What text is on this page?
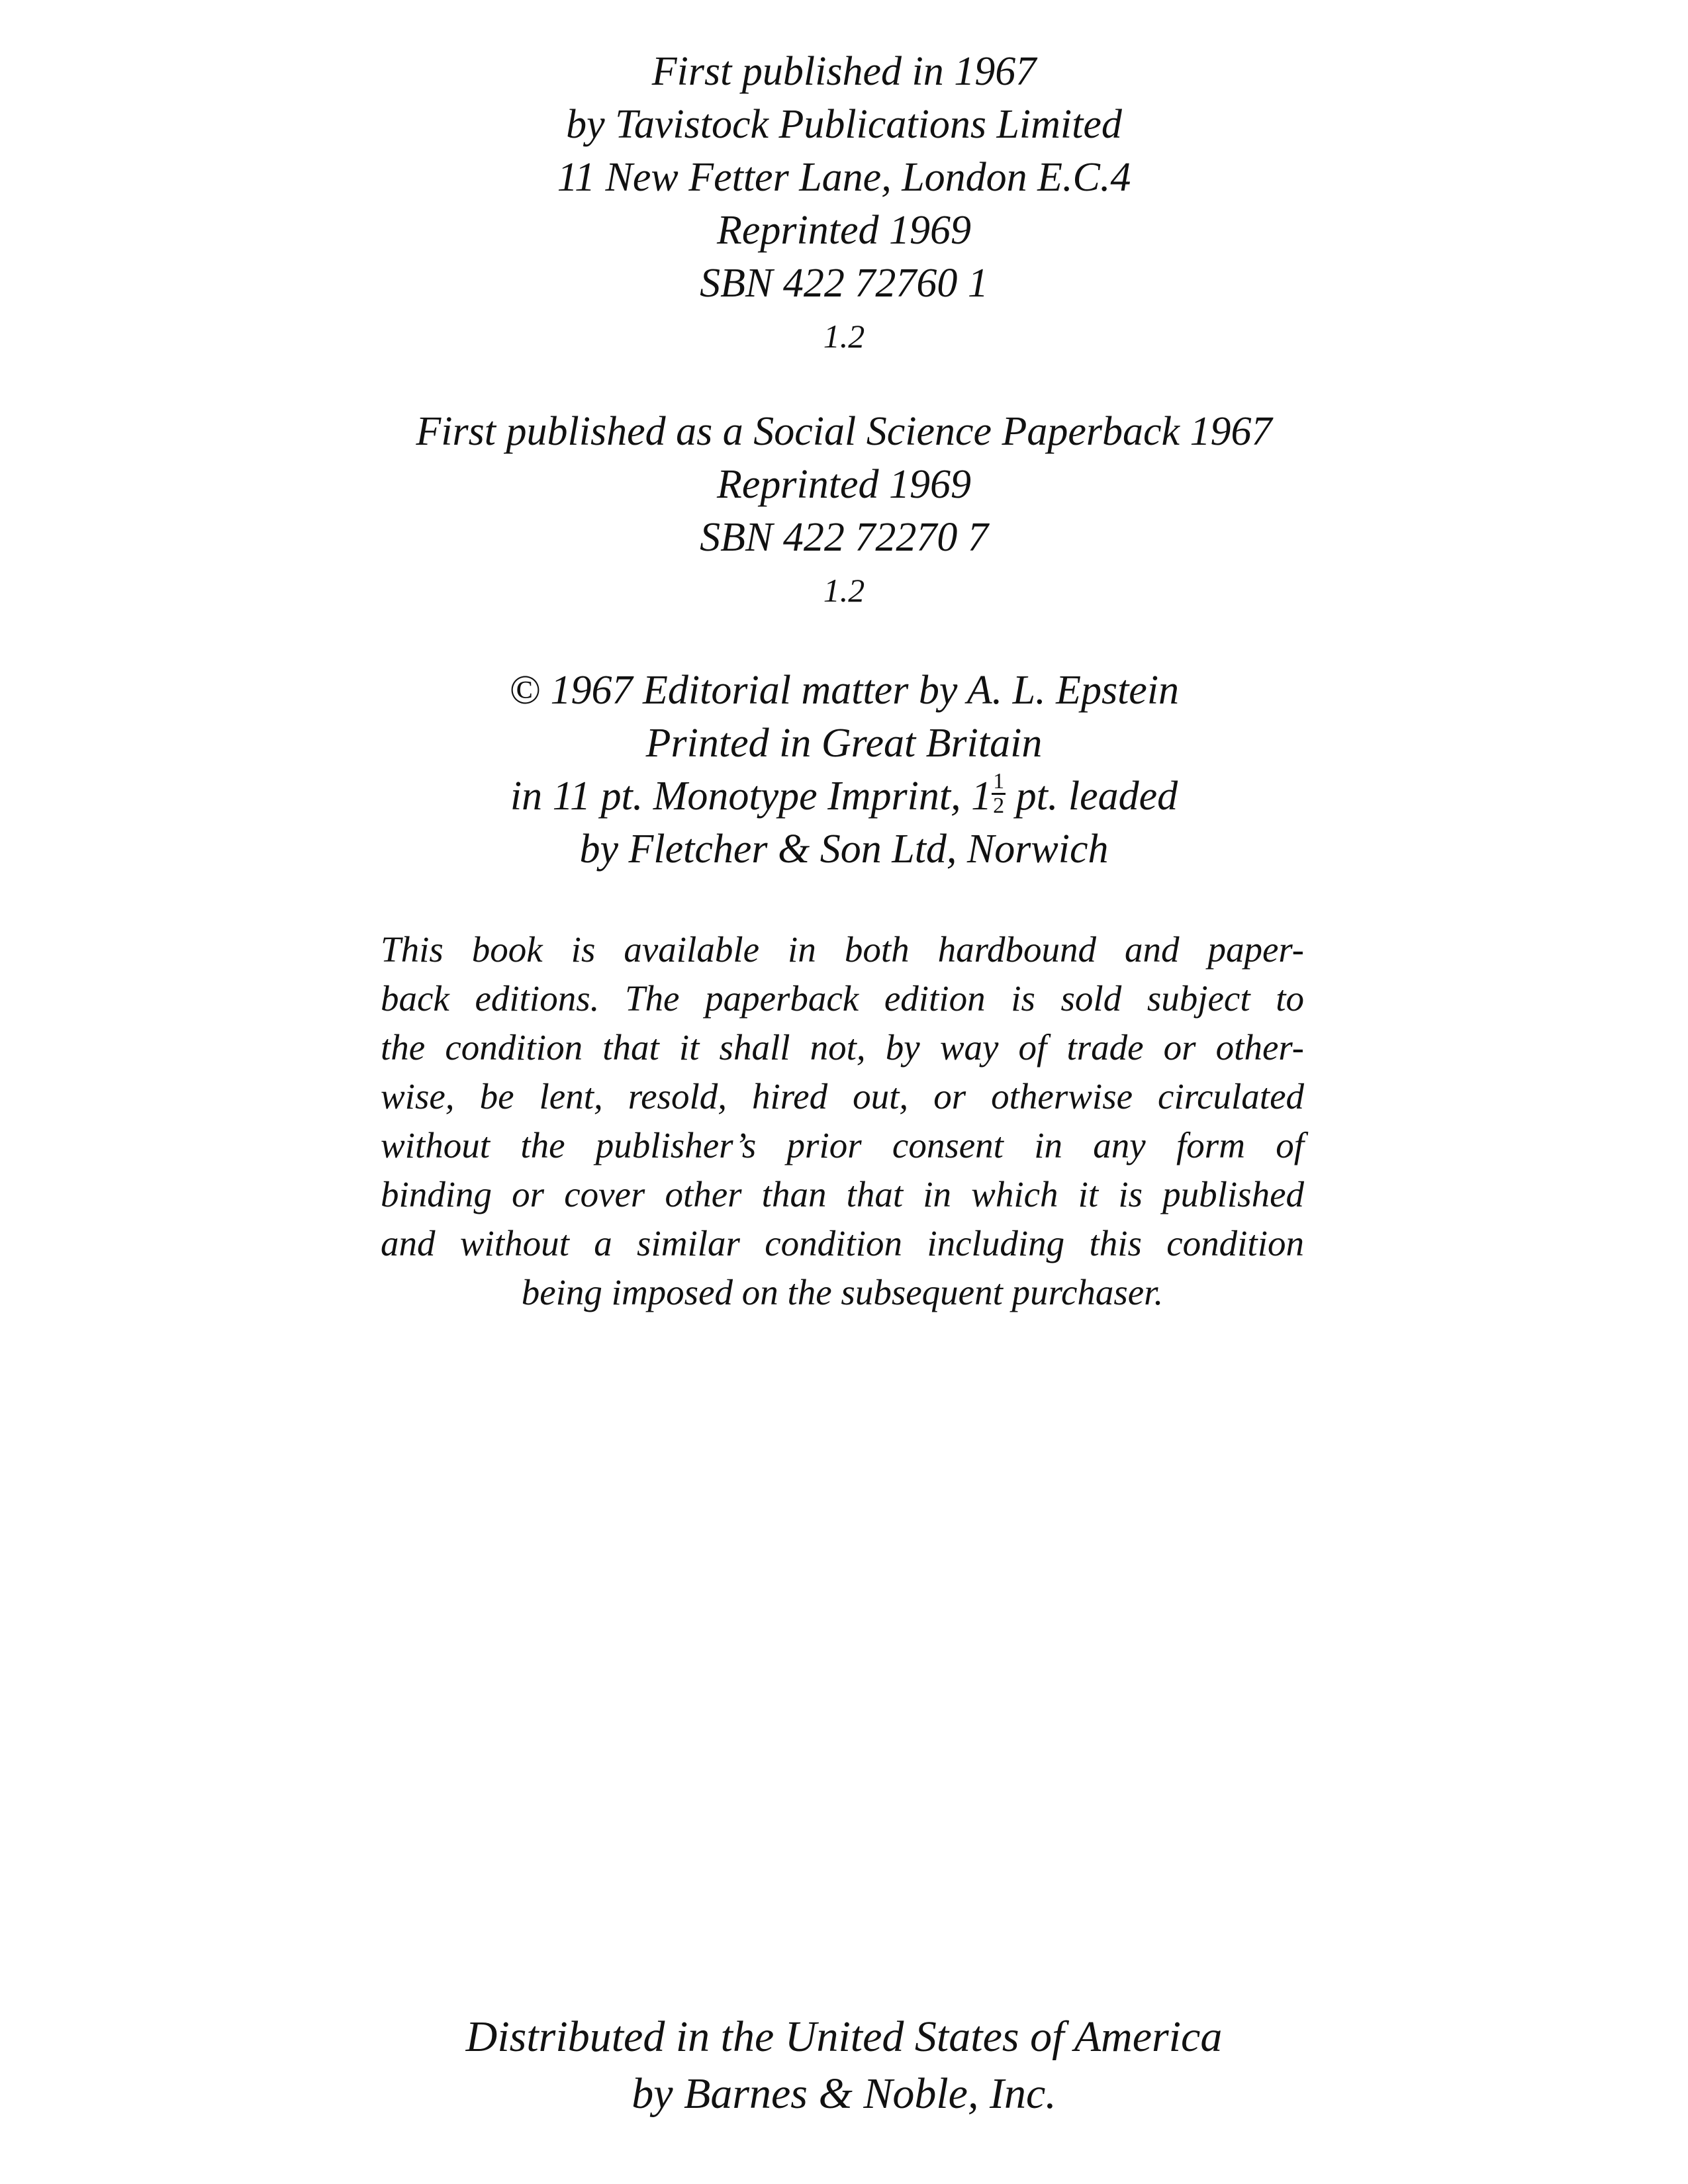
First published in 1967
by Tavistock Publications Limited
11 New Fetter Lane, London E.C.4
Reprinted 1969
SBN 422 72760 1
1.2
First published as a Social Science Paperback 1967
Reprinted 1969
SBN 422 72270 7
1.2
© 1967 Editorial matter by A. L. Epstein
Printed in Great Britain
in 11 pt. Monotype Imprint, $1 \frac{1}{2}$ pt. leaded
by Fletcher & Son Ltd, Norwich
This book is available in both hardbound and paper-
back editions. The paperback edition is sold subject to
the condition that it shall not, by way of trade or other-
wise, be lent, resold, hired out, or otherwise circulated
without the publisher’s prior consent in any form of
binding or cover other than that in which it is published
and without a similar condition including this condition
being imposed on the subsequent purchaser.
Distributed in the United States of America
by Barnes & Noble, Inc.
